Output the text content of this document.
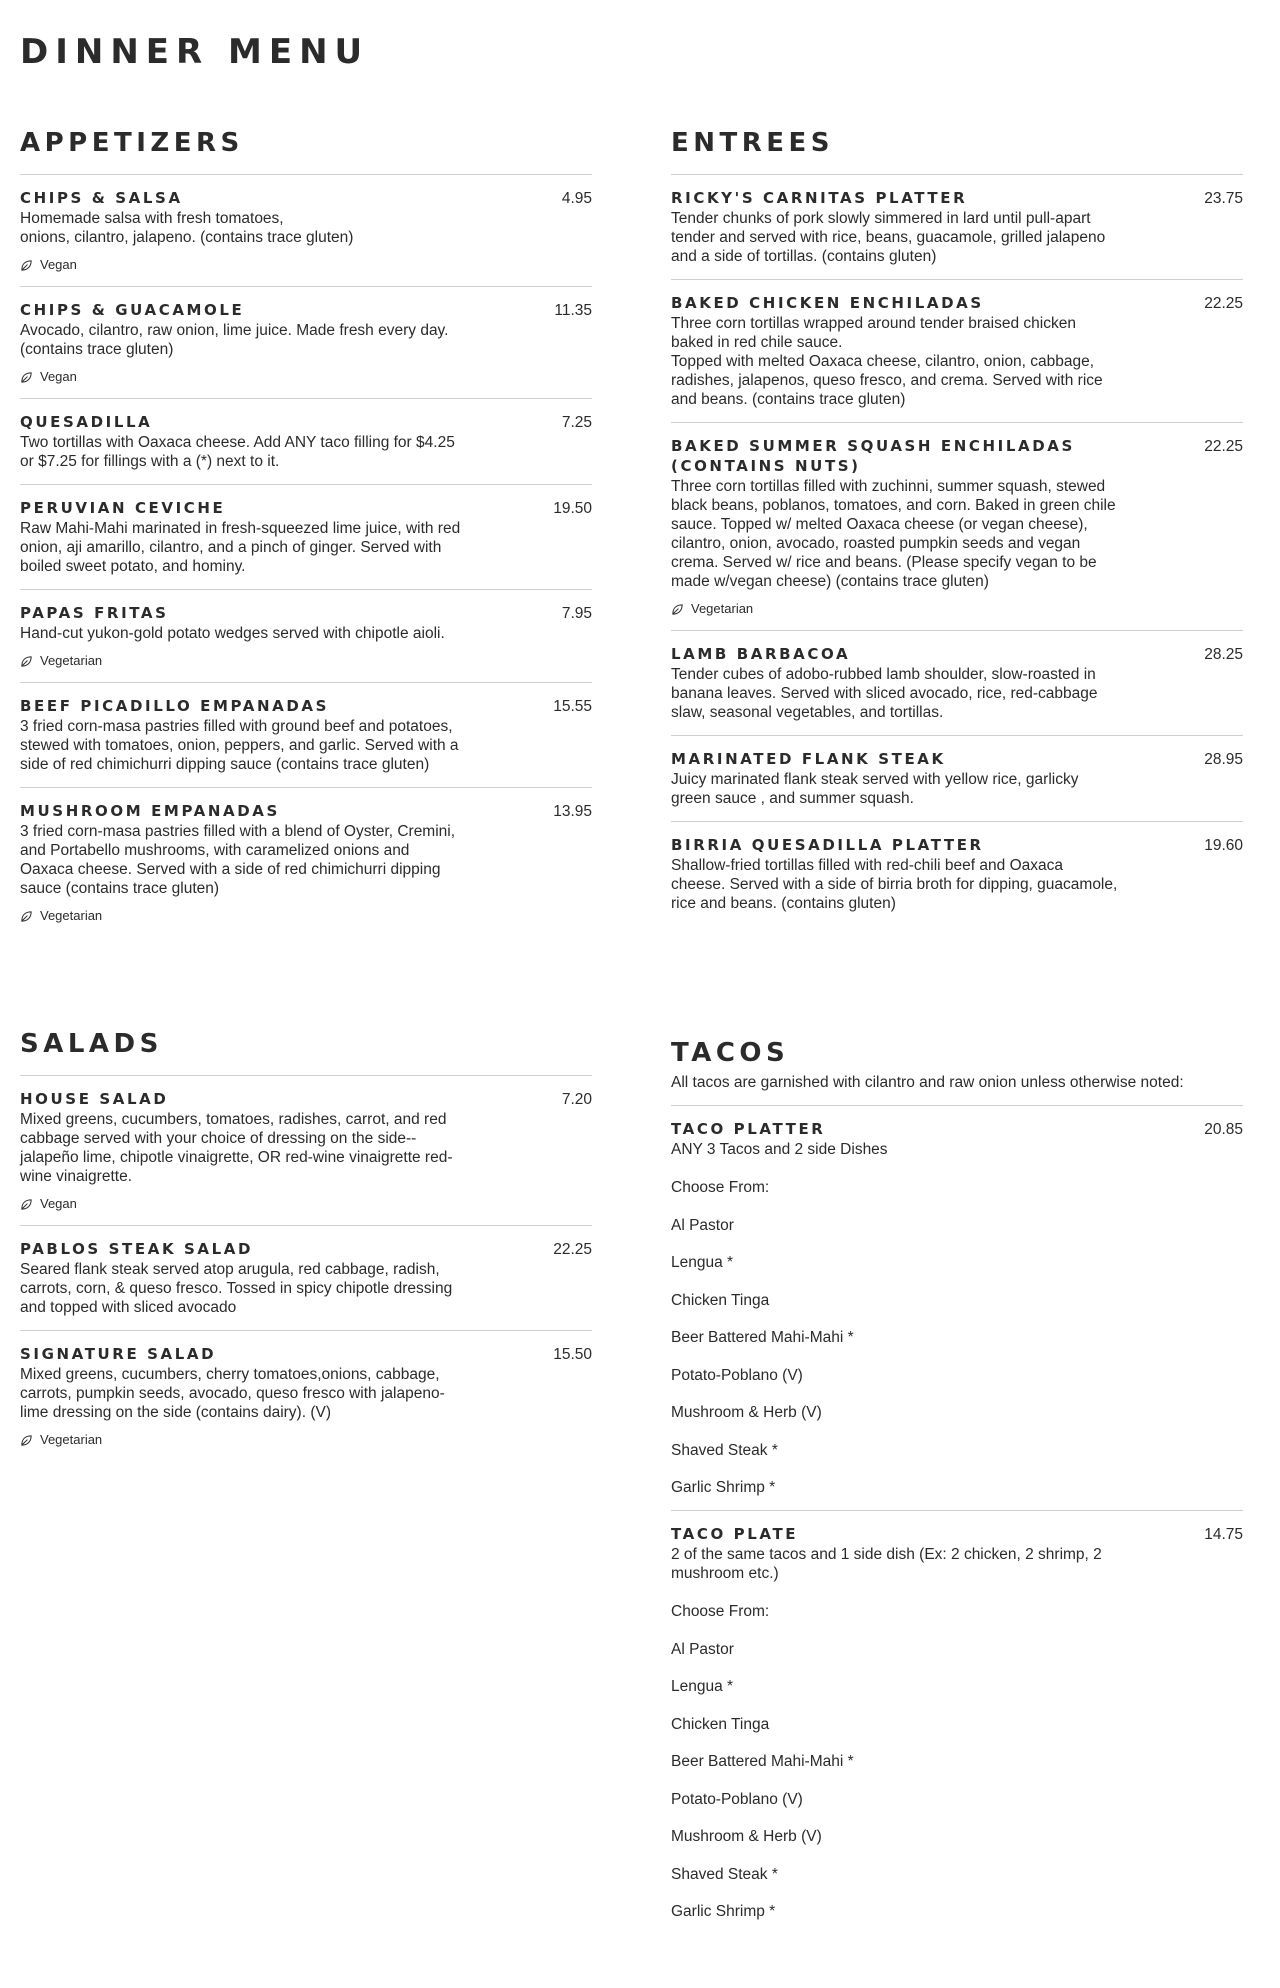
DINNER MENU
APPETIZERS
CHIPS & SALSA	4.95
Homemade salsa with fresh tomatoes,
onions, cilantro, jalapeno. (contains trace gluten)
Vegan
CHIPS & GUACAMOLE	11.35
Avocado, cilantro, raw onion, lime juice. Made fresh every day.
(contains trace gluten)
Vegan
QUESADILLA	7.25
Two tortillas with Oaxaca cheese. Add ANY taco filling for $4.25
or $7.25 for fillings with a (*) next to it.
PERUVIAN CEVICHE	19.50
Raw Mahi-Mahi marinated in fresh-squeezed lime juice, with red
onion, aji amarillo, cilantro, and a pinch of ginger. Served with
boiled sweet potato, and hominy.
PAPAS FRITAS	7.95
Hand-cut yukon-gold potato wedges served with chipotle aioli.
Vegetarian
BEEF PICADILLO EMPANADAS	15.55
3 fried corn-masa pastries filled with ground beef and potatoes,
stewed with tomatoes, onion, peppers, and garlic. Served with a
side of red chimichurri dipping sauce (contains trace gluten)
MUSHROOM EMPANADAS	13.95
3 fried corn-masa pastries filled with a blend of Oyster, Cremini,
and Portabello mushrooms, with caramelized onions and
Oaxaca cheese. Served with a side of red chimichurri dipping
sauce (contains trace gluten)
Vegetarian
ENTREES
RICKY'S CARNITAS PLATTER	23.75
Tender chunks of pork slowly simmered in lard until pull-apart
tender and served with rice, beans, guacamole, grilled jalapeno
and a side of tortillas. (contains gluten)
BAKED CHICKEN ENCHILADAS	22.25
Three corn tortillas wrapped around tender braised chicken
baked in red chile sauce.
Topped with melted Oaxaca cheese, cilantro, onion, cabbage,
radishes, jalapenos, queso fresco, and crema. Served with rice
and beans. (contains trace gluten)
BAKED SUMMER SQUASH ENCHILADAS (CONTAINS NUTS)
22.25
Three corn tortillas filled with zuchinni, summer squash, stewed
black beans, poblanos, tomatoes, and corn. Baked in green chile
sauce. Topped w/ melted Oaxaca cheese (or vegan cheese),
cilantro, onion, avocado, roasted pumpkin seeds and vegan
crema. Served w/ rice and beans. (Please specify vegan to be
made w/vegan cheese) (contains trace gluten)
Vegetarian
LAMB BARBACOA	28.25
Tender cubes of adobo-rubbed lamb shoulder, slow-roasted in
banana leaves. Served with sliced avocado, rice, red-cabbage
slaw, seasonal vegetables, and tortillas.
MARINATED FLANK STEAK	28.95
Juicy marinated flank steak served with yellow rice, garlicky
green sauce , and summer squash.
BIRRIA QUESADILLA PLATTER	19.60
Shallow-fried tortillas filled with red-chili beef and Oaxaca
cheese. Served with a side of birria broth for dipping, guacamole,
rice and beans. (contains gluten)
SALADS
HOUSE SALAD	7.20
Mixed greens, cucumbers, tomatoes, radishes, carrot, and red
cabbage served with your choice of dressing on the side--
jalapeño lime, chipotle vinaigrette, OR red-wine vinaigrette red-
wine vinaigrette.
Vegan
PABLOS STEAK SALAD	22.25
Seared flank steak served atop arugula, red cabbage, radish,
carrots, corn, & queso fresco. Tossed in spicy chipotle dressing
and topped with sliced avocado
SIGNATURE SALAD	15.50
Mixed greens, cucumbers, cherry tomatoes,onions, cabbage,
carrots, pumpkin seeds, avocado, queso fresco with jalapeno-
lime dressing on the side (contains dairy). (V)
Vegetarian
TACOS
All tacos are garnished with cilantro and raw onion unless otherwise noted:
TACO PLATTER	20.85
ANY 3 Tacos and 2 side Dishes
Choose From:
Al Pastor
Lengua *
Chicken Tinga
Beer Battered Mahi-Mahi *
Potato-Poblano (V)
Mushroom & Herb (V)
Shaved Steak *
Garlic Shrimp *
TACO PLATE	14.75
2 of the same tacos and 1 side dish (Ex: 2 chicken, 2 shrimp, 2
mushroom etc.)
Choose From:
Al Pastor
Lengua *
Chicken Tinga
Beer Battered Mahi-Mahi *
Potato-Poblano (V)
Mushroom & Herb (V)
Shaved Steak *
Garlic Shrimp *
